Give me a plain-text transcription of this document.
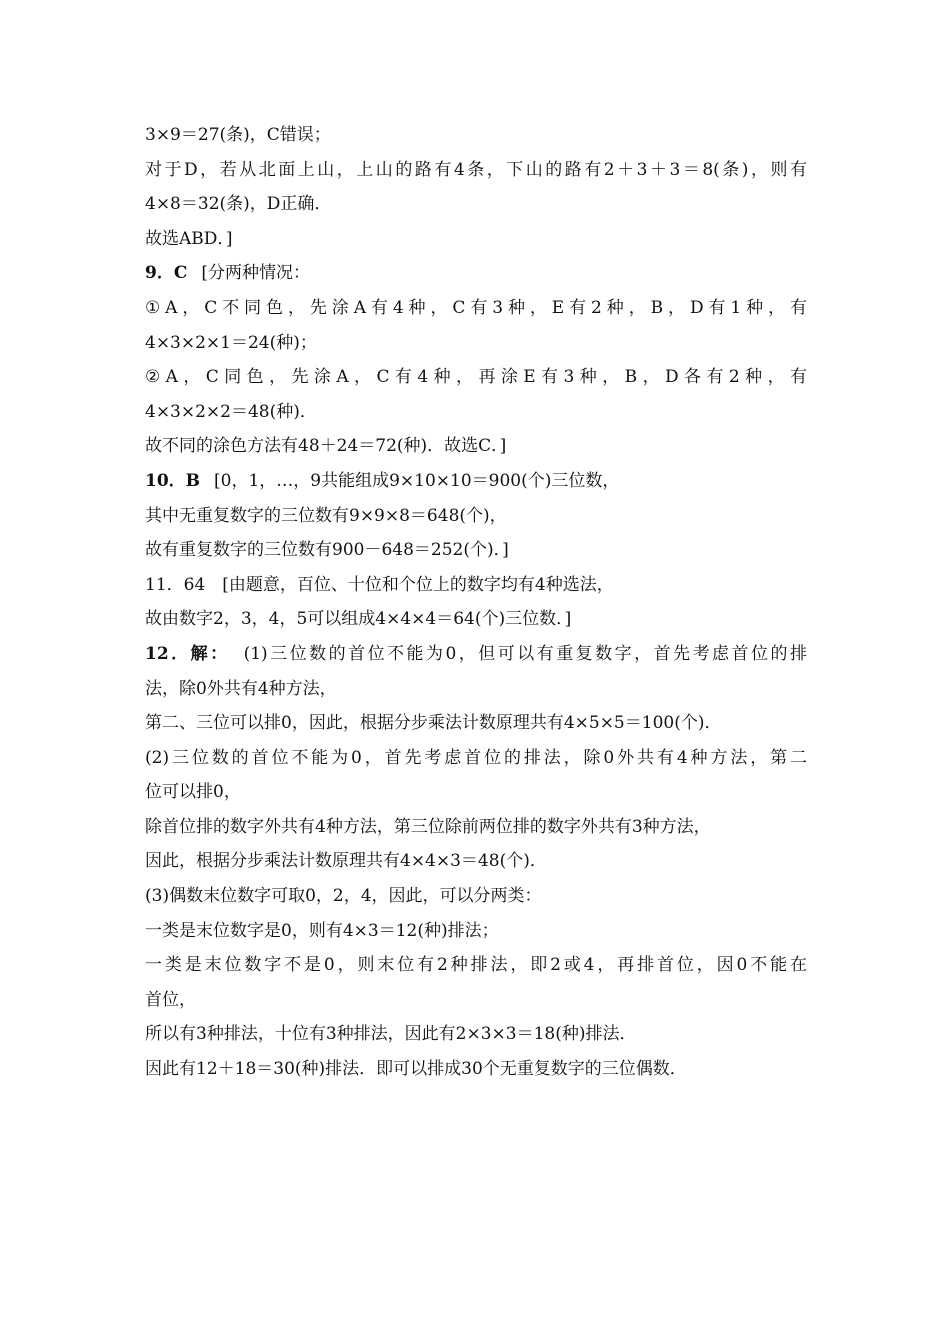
3×9＝27(条)，C错误；
对于D，若从北面上山，上山的路有4条，下山的路有2＋3＋3＝8(条)，则有
4×8＝32(条)，D正确．
故选ABD．]
9．C [分两种情况：
①A，C不同色，先涂A有4种，C有3种，E有2种，B，D有1种，有
4×3×2×1＝24(种)；
②A，C同色，先涂A，C有4种，再涂E有3种，B，D各有2种，有
4×3×2×2＝48(种)．
故不同的涂色方法有48＋24＝72(种)．故选C．]
10．B [0，1，…，9共能组成9×10×10＝900(个)三位数，
其中无重复数字的三位数有9×9×8＝648(个)，
故有重复数字的三位数有900－648＝252(个)．]
11．64　[由题意，百位、十位和个位上的数字均有4种选法，
故由数字2，3，4，5可以组成4×4×4＝64(个)三位数．]
12．解： (1)三位数的首位不能为0，但可以有重复数字，首先考虑首位的排
法，除0外共有4种方法，
第二、三位可以排0，因此，根据分步乘法计数原理共有4×5×5＝100(个)．
(2)三位数的首位不能为0，首先考虑首位的排法，除0外共有4种方法，第二
位可以排0，
除首位排的数字外共有4种方法，第三位除前两位排的数字外共有3种方法，
因此，根据分步乘法计数原理共有4×4×3＝48(个)．
(3)偶数末位数字可取0，2，4，因此，可以分两类：
一类是末位数字是0，则有4×3＝12(种)排法；
一类是末位数字不是0，则末位有2种排法，即2或4，再排首位，因0不能在
首位，
所以有3种排法，十位有3种排法，因此有2×3×3＝18(种)排法．
因此有12＋18＝30(种)排法．即可以排成30个无重复数字的三位偶数．
